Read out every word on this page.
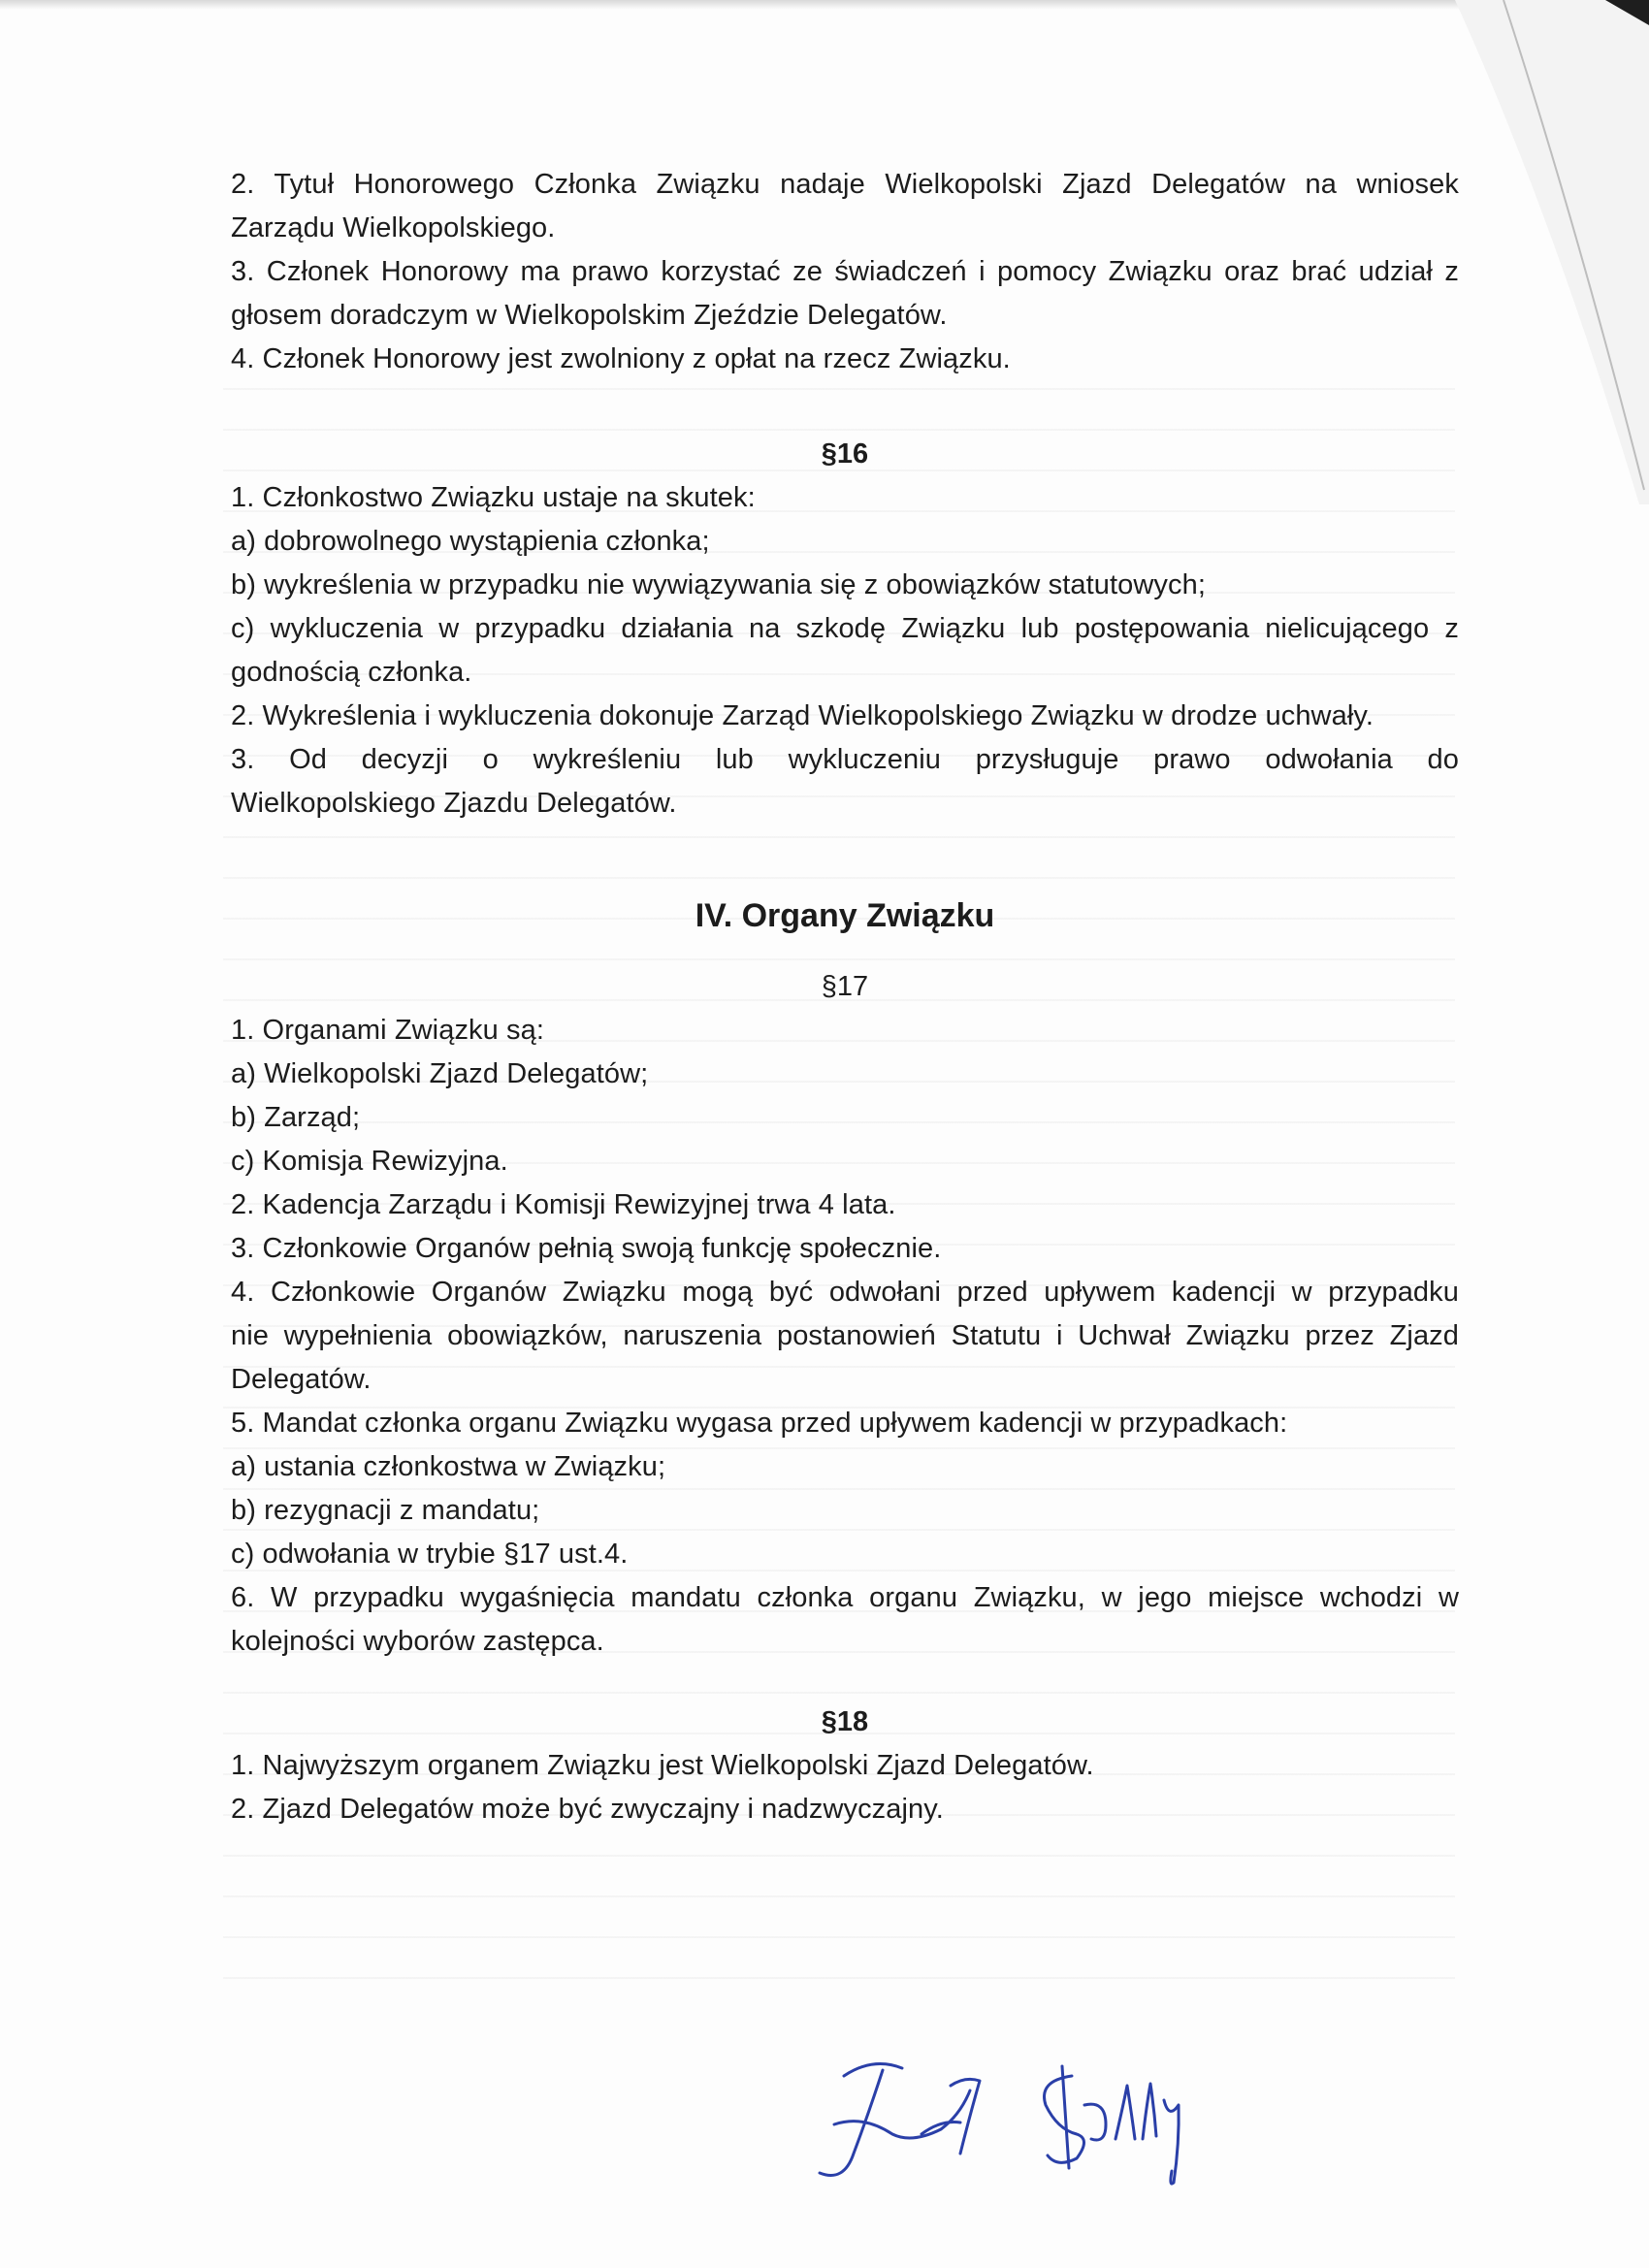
2. Tytuł Honorowego Członka Związku nadaje Wielkopolski Zjazd Delegatów na wniosek

Zarządu Wielkopolskiego.

3. Członek Honorowy ma prawo korzystać ze świadczeń i pomocy Związku oraz brać udział z

głosem doradczym w Wielkopolskim Zjeździe Delegatów.

4. Członek Honorowy jest zwolniony z opłat na rzecz Związku.

§16

1. Członkostwo Związku ustaje na skutek:

a) dobrowolnego wystąpienia członka;

b) wykreślenia w przypadku nie wywiązywania się z obowiązków statutowych;

c) wykluczenia w przypadku działania na szkodę Związku lub postępowania nielicującego z

godnością członka.

2. Wykreślenia i wykluczenia dokonuje Zarząd Wielkopolskiego Związku w drodze uchwały.

3. Od decyzji o wykreśleniu lub wykluczeniu przysługuje prawo odwołania do

Wielkopolskiego Zjazdu Delegatów.

IV. Organy Związku

§17

1. Organami Związku są:

a) Wielkopolski Zjazd Delegatów;

b) Zarząd;

c) Komisja Rewizyjna.

2. Kadencja Zarządu i Komisji Rewizyjnej trwa 4 lata.

3. Członkowie Organów pełnią swoją funkcję społecznie.

4. Członkowie Organów Związku mogą być odwołani przed upływem kadencji w przypadku

nie wypełnienia obowiązków, naruszenia postanowień Statutu i Uchwał Związku przez Zjazd

Delegatów.

5. Mandat członka organu Związku wygasa przed upływem kadencji w przypadkach:

a) ustania członkostwa w Związku;

b) rezygnacji z mandatu;

c) odwołania w trybie §17 ust.4.

6. W przypadku wygaśnięcia mandatu członka organu Związku, w jego miejsce wchodzi w

kolejności wyborów zastępca.

§18

1. Najwyższym organem Związku jest Wielkopolski Zjazd Delegatów.

2. Zjazd Delegatów może być zwyczajny i nadzwyczajny.
